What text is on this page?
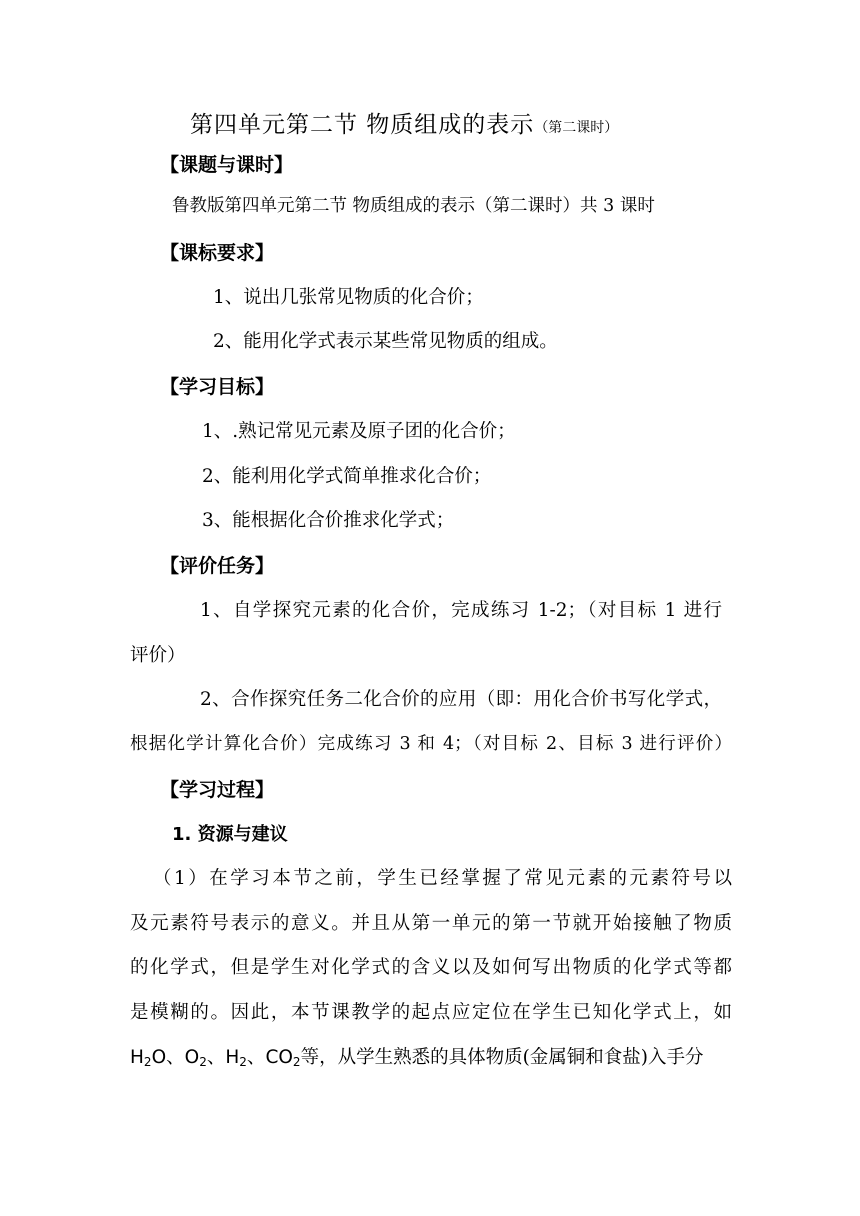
第四单元第二节 物质组成的表示（第二课时）
【课题与课时】
鲁教版第四单元第二节 物质组成的表示（第二课时）共 3 课时
【课标要求】
1、说出几张常见物质的化合价；
2、能用化学式表示某些常见物质的组成。
【学习目标】
1、.熟记常见元素及原子团的化合价；
2、能利用化学式简单推求化合价；
3、能根据化合价推求化学式；
【评价任务】
1、自学探究元素的化合价，完成练习 1-2；（对目标 1 进行
评价）
2、合作探究任务二化合价的应用（即：用化合价书写化学式，
根据化学计算化合价）完成练习 3 和 4；（对目标 2、目标 3 进行评价）
【学习过程】
1. 资源与建议
（1）在学习本节之前，学生已经掌握了常见元素的元素符号以
及元素符号表示的意义。并且从第一单元的第一节就开始接触了物质
的化学式，但是学生对化学式的含义以及如何写出物质的化学式等都
是模糊的。因此，本节课教学的起点应定位在学生已知化学式上，如
$H_2O$、$O_2$、$H_2$、$CO_2$等，从学生熟悉的具体物质(金属铜和食盐)入手分
